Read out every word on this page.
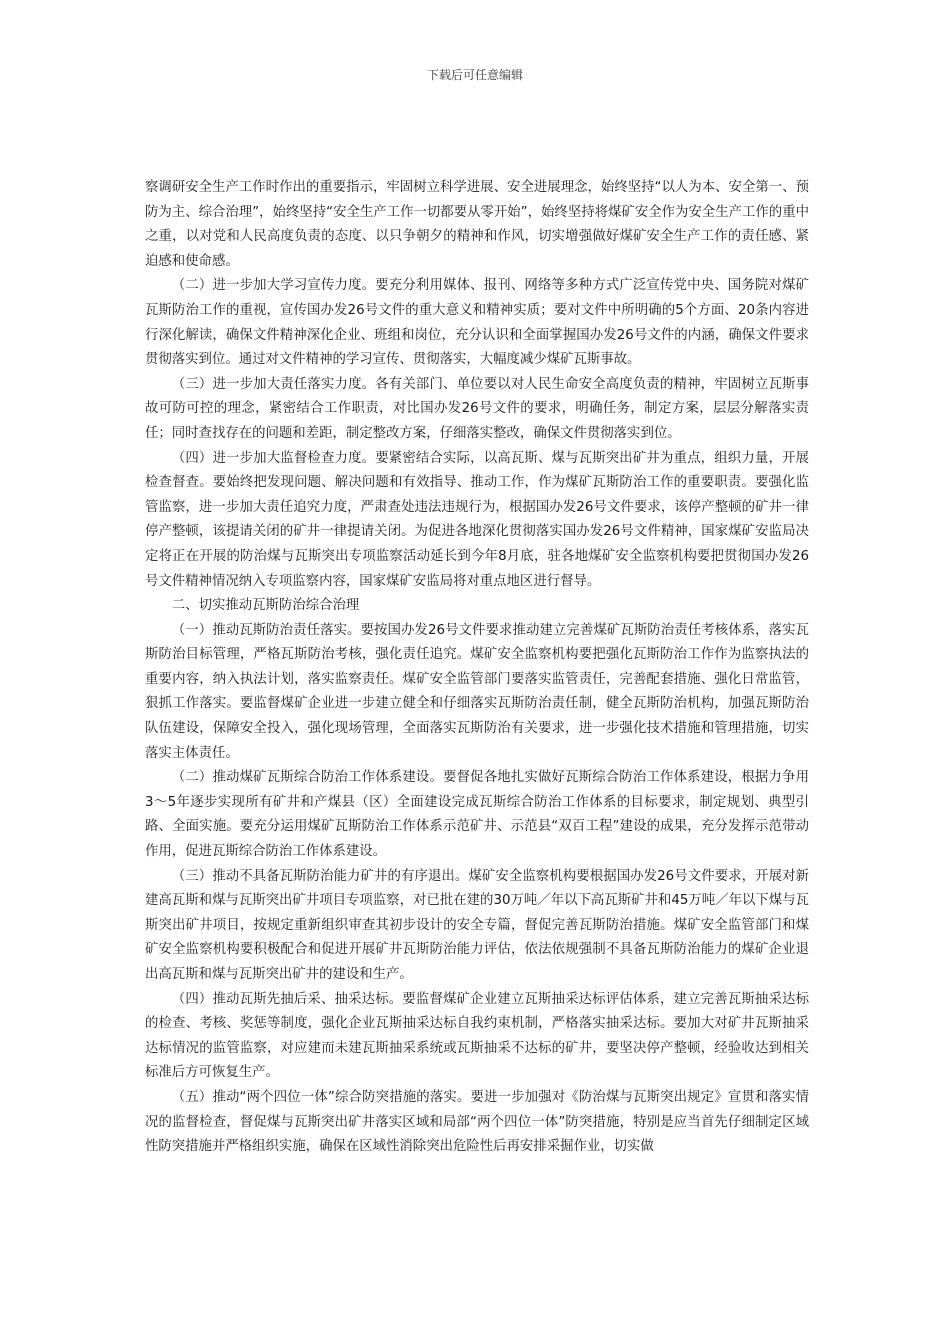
下载后可任意编辑

察调研安全生产工作时作出的重要指示，牢固树立科学进展、安全进展理念，始终坚持“以人为本、安全第一、预防为主、综合治理”，始终坚持“安全生产工作一切都要从零开始”，始终坚持将煤矿安全作为安全生产工作的重中之重，以对党和人民高度负责的态度、以只争朝夕的精神和作风，切实增强做好煤矿安全生产工作的责任感、紧迫感和使命感。

（二）进一步加大学习宣传力度。要充分利用媒体、报刊、网络等多种方式广泛宣传党中央、国务院对煤矿瓦斯防治工作的重视，宣传国办发26号文件的重大意义和精神实质；要对文件中所明确的5个方面、20条内容进行深化解读，确保文件精神深化企业、班组和岗位，充分认识和全面掌握国办发26号文件的内涵，确保文件要求贯彻落实到位。通过对文件精神的学习宣传、贯彻落实，大幅度减少煤矿瓦斯事故。

（三）进一步加大责任落实力度。各有关部门、单位要以对人民生命安全高度负责的精神，牢固树立瓦斯事故可防可控的理念，紧密结合工作职责，对比国办发26号文件的要求，明确任务，制定方案，层层分解落实责任；同时查找存在的问题和差距，制定整改方案，仔细落实整改，确保文件贯彻落实到位。

（四）进一步加大监督检查力度。要紧密结合实际，以高瓦斯、煤与瓦斯突出矿井为重点，组织力量，开展检查督查。要始终把发现问题、解决问题和有效指导、推动工作，作为煤矿瓦斯防治工作的重要职责。要强化监管监察，进一步加大责任追究力度，严肃查处违法违规行为，根据国办发26号文件要求，该停产整顿的矿井一律停产整顿，该提请关闭的矿井一律提请关闭。为促进各地深化贯彻落实国办发26号文件精神，国家煤矿安监局决定将正在开展的防治煤与瓦斯突出专项监察活动延长到今年8月底，驻各地煤矿安全监察机构要把贯彻国办发26号文件精神情况纳入专项监察内容，国家煤矿安监局将对重点地区进行督导。

二、切实推动瓦斯防治综合治理

（一）推动瓦斯防治责任落实。要按国办发26号文件要求推动建立完善煤矿瓦斯防治责任考核体系，落实瓦斯防治目标管理，严格瓦斯防治考核，强化责任追究。煤矿安全监察机构要把强化瓦斯防治工作作为监察执法的重要内容，纳入执法计划，落实监察责任。煤矿安全监管部门要落实监管责任，完善配套措施、强化日常监管，狠抓工作落实。要监督煤矿企业进一步建立健全和仔细落实瓦斯防治责任制，健全瓦斯防治机构，加强瓦斯防治队伍建设，保障安全投入，强化现场管理，全面落实瓦斯防治有关要求，进一步强化技术措施和管理措施，切实落实主体责任。

（二）推动煤矿瓦斯综合防治工作体系建设。要督促各地扎实做好瓦斯综合防治工作体系建设，根据力争用3～5年逐步实现所有矿井和产煤县（区）全面建设完成瓦斯综合防治工作体系的目标要求，制定规划、典型引路、全面实施。要充分运用煤矿瓦斯防治工作体系示范矿井、示范县“双百工程”建设的成果，充分发挥示范带动作用，促进瓦斯综合防治工作体系建设。

（三）推动不具备瓦斯防治能力矿井的有序退出。煤矿安全监察机构要根据国办发26号文件要求，开展对新建高瓦斯和煤与瓦斯突出矿井项目专项监察，对已批在建的30万吨／年以下高瓦斯矿井和45万吨／年以下煤与瓦斯突出矿井项目，按规定重新组织审查其初步设计的安全专篇，督促完善瓦斯防治措施。煤矿安全监管部门和煤矿安全监察机构要积极配合和促进开展矿井瓦斯防治能力评估，依法依规强制不具备瓦斯防治能力的煤矿企业退出高瓦斯和煤与瓦斯突出矿井的建设和生产。

（四）推动瓦斯先抽后采、抽采达标。要监督煤矿企业建立瓦斯抽采达标评估体系，建立完善瓦斯抽采达标的检查、考核、奖惩等制度，强化企业瓦斯抽采达标自我约束机制，严格落实抽采达标。要加大对矿井瓦斯抽采达标情况的监管监察，对应建而未建瓦斯抽采系统或瓦斯抽采不达标的矿井，要坚决停产整顿，经验收达到相关标准后方可恢复生产。

（五）推动“两个四位一体”综合防突措施的落实。要进一步加强对《防治煤与瓦斯突出规定》宣贯和落实情况的监督检查，督促煤与瓦斯突出矿井落实区域和局部“两个四位一体”防突措施，特别是应当首先仔细制定区域性防突措施并严格组织实施，确保在区域性消除突出危险性后再安排采掘作业，切实做
